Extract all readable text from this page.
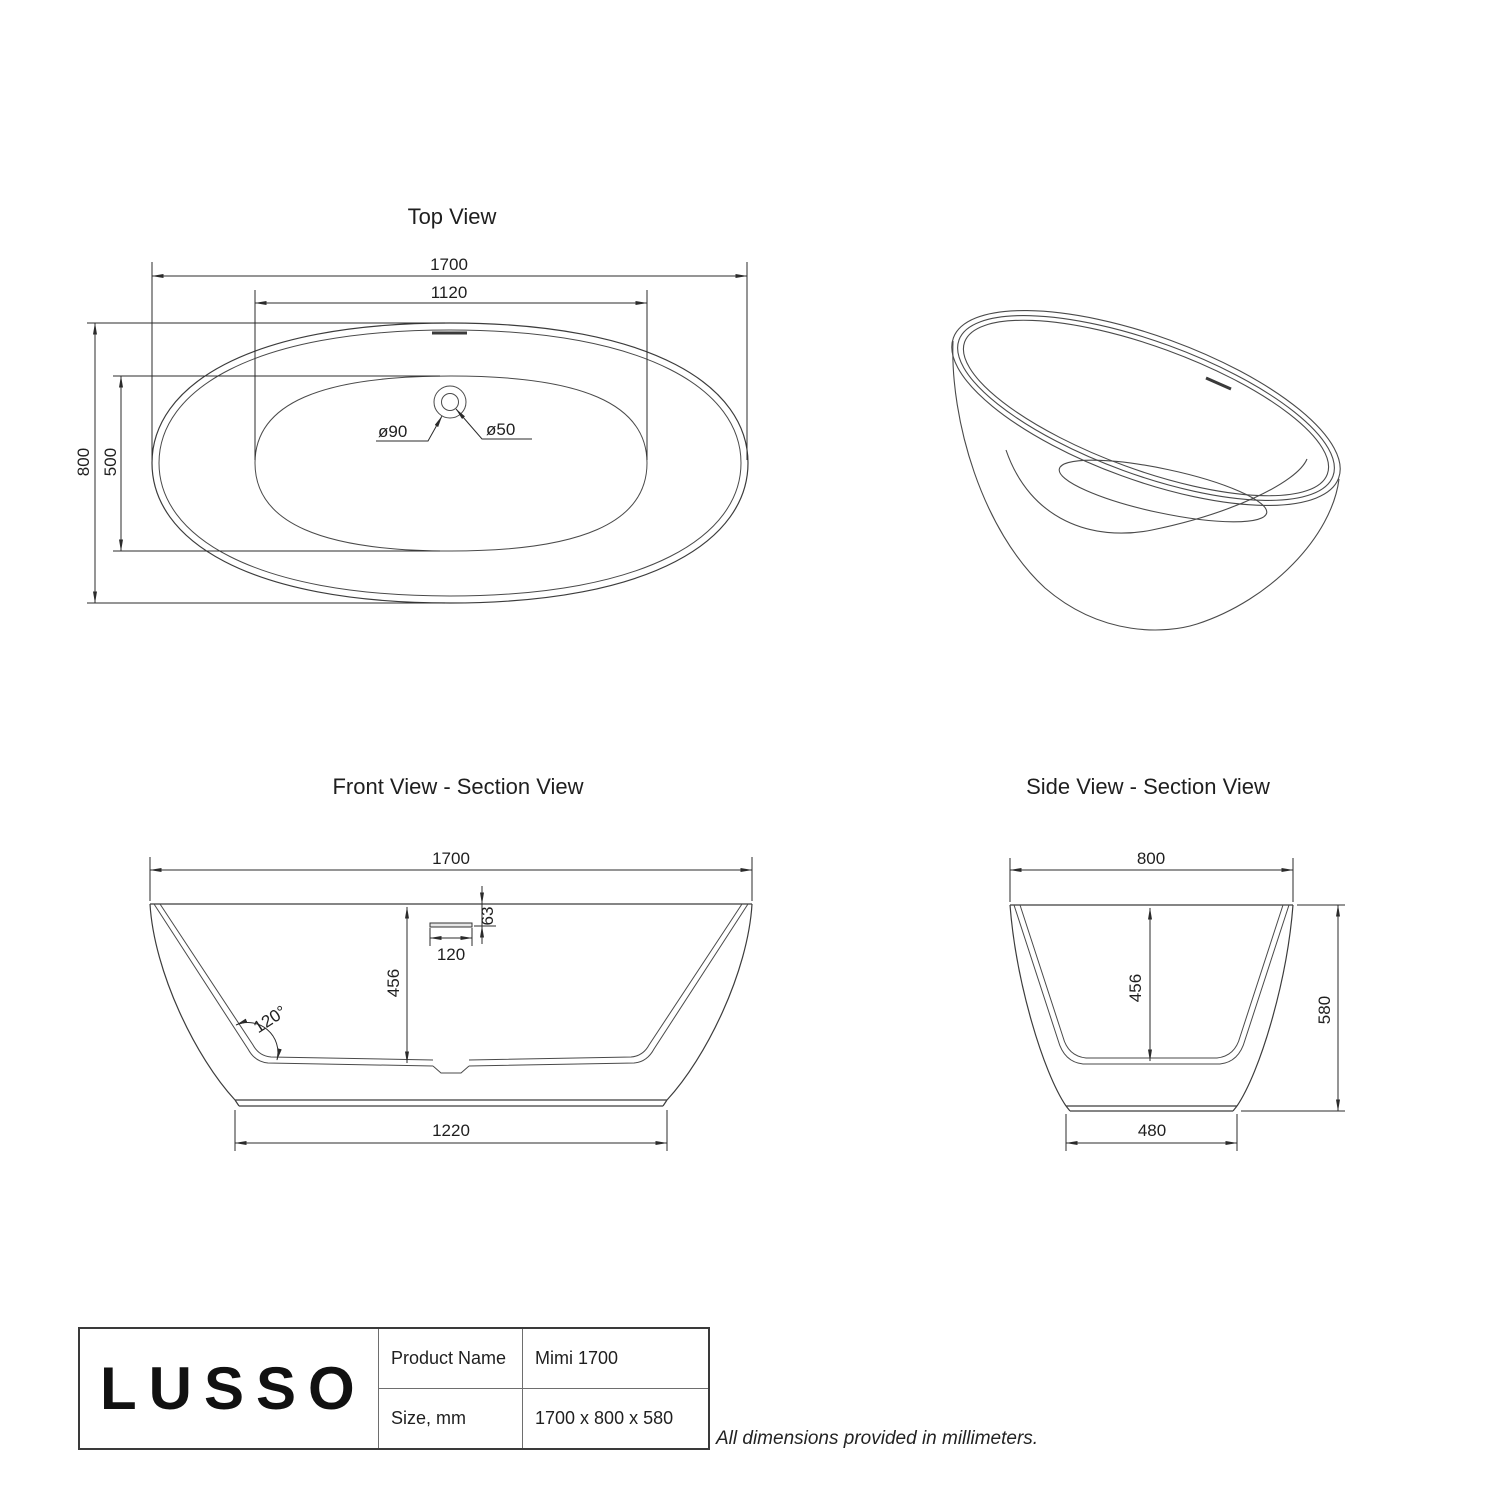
Top View
1700
1120
800 500
ø90	ø50
Front View - Section View
1700
63
120
456
120°
1220
Side View - Section View
800
456
580
480
LUSSO	Product Name	Mimi 1700
Size, mm	1700 x 800 x 580
All dimensions provided in millimeters.
